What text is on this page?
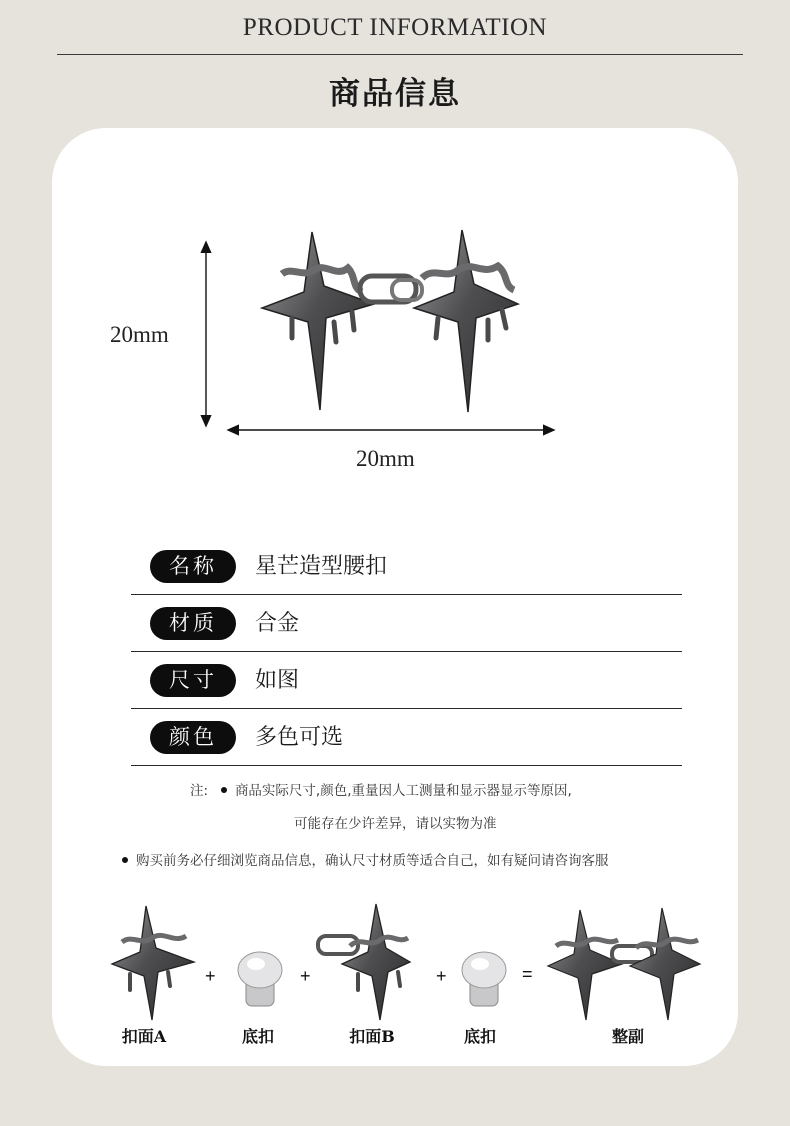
PRODUCT INFORMATION
商品信息
20mm
20mm
名称	星芒造型腰扣
材质	合金
尺寸	如图
颜色	多色可选
注: 商品实际尺寸,颜色,重量因人工测量和显示器显示等原因,
可能存在少许差异，请以实物为准
购买前务必仔细浏览商品信息，确认尺寸材质等适合自己，如有疑问请咨询客服
+	+	+	=
扣面A	底扣	扣面B	底扣	整副
